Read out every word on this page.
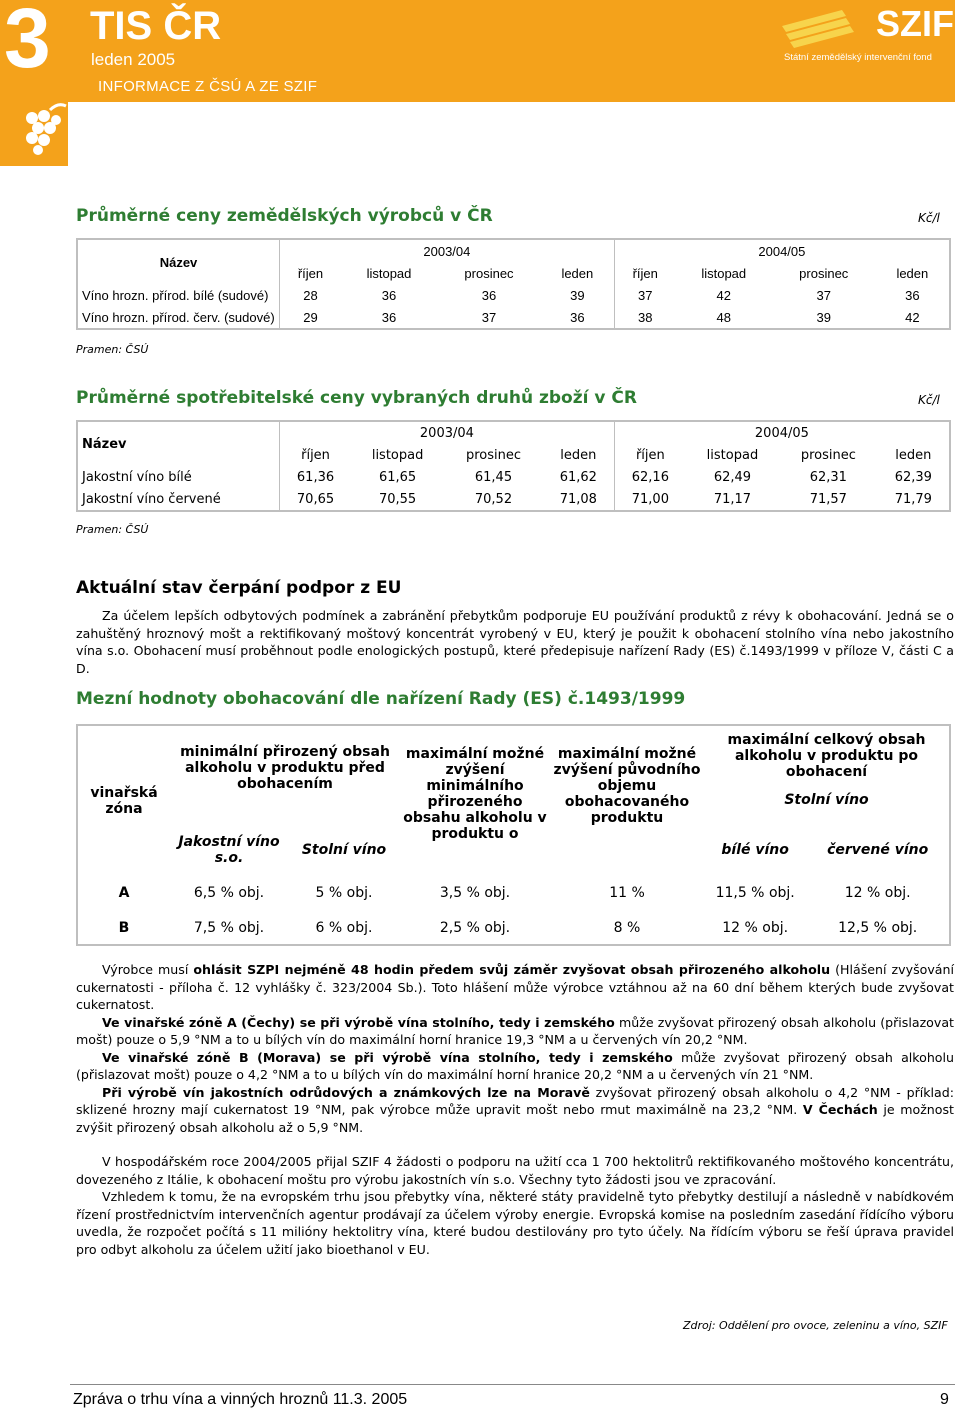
3 TIS ČR
leden 2005
INFORMACE Z ČSÚ A ZE SZIF
SZIF
Státní zemědělský intervenční fond
Průměrné ceny zemědělských výrobců v ČR	Kč/l
Název	2003/04				2004/05			
	říjen	listopad	prosinec	leden	říjen	listopad	prosinec	leden
Víno hrozn. přírod. bílé (sudové)	28	36	36	39	37	42	37	36
Víno hrozn. přírod. červ. (sudové)	29	36	37	36	38	48	39	42
Pramen: ČSÚ
Průměrné spotřebitelské ceny vybraných druhů zboží v ČR	Kč/l
Název	2003/04				2004/05			
	říjen	listopad	prosinec	leden	říjen	listopad	prosinec	leden
Jakostní víno bílé	61,36	61,65	61,45	61,62	62,16	62,49	62,31	62,39
Jakostní víno červené	70,65	70,55	70,52	71,08	71,00	71,17	71,57	71,79
Pramen: ČSÚ
Aktuální stav čerpání podpor z EU
Za účelem lepších odbytových podmínek a zabránění přebytkům podporuje EU používání produktů z révy k obohacování. Jedná se o zahuštěný hroznový mošt a rektifikovaný moštový koncentrát vyrobený v EU, který je použit k obohacení stolního vína nebo jakostního vína s.o. Obohacení musí proběhnout podle enologických postupů, které předepisuje nařízení Rady (ES) č.1493/1999 v příloze V, části C a D.
Mezní hodnoty obohacování dle nařízení Rady (ES) č.1493/1999
vinařská zóna	minimální přirozený obsah alkoholu v produktu před obohacením		maximální možné zvýšení minimálního přirozeného obsahu alkoholu v produktu o	maximální možné zvýšení původního objemu obohacovaného produktu	maximální celkový obsah alkoholu v produktu po obohacení
Stolní víno	

	Jakostní víno s.o.	Stolní víno			bílé víno	červené víno
A	6,5 % obj.	5 % obj.	3,5 % obj.	11 %	11,5 % obj.	12 % obj.
B	7,5 % obj.	6 % obj.	2,5 % obj.	8 %	12 % obj.	12,5 % obj.
Výrobce musí ohlásit SZPI nejméně 48 hodin předem svůj záměr zvyšovat obsah přirozeného alkoholu (Hlášení zvyšování cukernatosti - příloha č. 12 vyhlášky č. 323/2004 Sb.). Toto hlášení může výrobce vztáhnou až na 60 dní během kterých bude zvyšovat cukernatost.
Ve vinařské zóně A (Čechy) se při výrobě vína stolního, tedy i zemského může zvyšovat přirozený obsah alkoholu (přislazovat mošt) pouze o 5,9 °NM a to u bílých vín do maximální horní hranice 19,3 °NM a u červených vín 20,2 °NM.
Ve vinařské zóně B (Morava) se při výrobě vína stolního, tedy i zemského může zvyšovat přirozený obsah alkoholu (přislazovat mošt) pouze o 4,2 °NM a to u bílých vín do maximální horní hranice 20,2 °NM a u červených vín 21 °NM.
Při výrobě vín jakostních odrůdových a známkových lze na Moravě zvyšovat přirozený obsah alkoholu o 4,2 °NM - příklad: sklizené hrozny mají cukernatost 19 °NM, pak výrobce může upravit mošt nebo rmut maximálně na 23,2 °NM. V Čechách je možnost zvýšit přirozený obsah alkoholu až o 5,9 °NM.
V hospodářském roce 2004/2005 přijal SZIF 4 žádosti o podporu na užití cca 1 700 hektolitrů rektifikovaného moštového koncentrátu, dovezeného z Itálie, k obohacení moštu pro výrobu jakostních vín s.o. Všechny tyto žádosti jsou ve zpracování.
Vzhledem k tomu, že na evropském trhu jsou přebytky vína, některé státy pravidelně tyto přebytky destilují a následně v nabídkovém řízení prostřednictvím intervenčních agentur prodávají za účelem výroby energie. Evropská komise na posledním zasedání řídícího výboru uvedla, že rozpočet počítá s 11 milióny hektolitry vína, které budou destilovány pro tyto účely. Na řídícím výboru se řeší úprava pravidel pro odbyt alkoholu za účelem užití jako bioethanol v EU.
Zdroj: Oddělení pro ovoce, zeleninu a víno, SZIF
Zpráva o trhu vína a vinných hroznů 11.3. 2005	9
